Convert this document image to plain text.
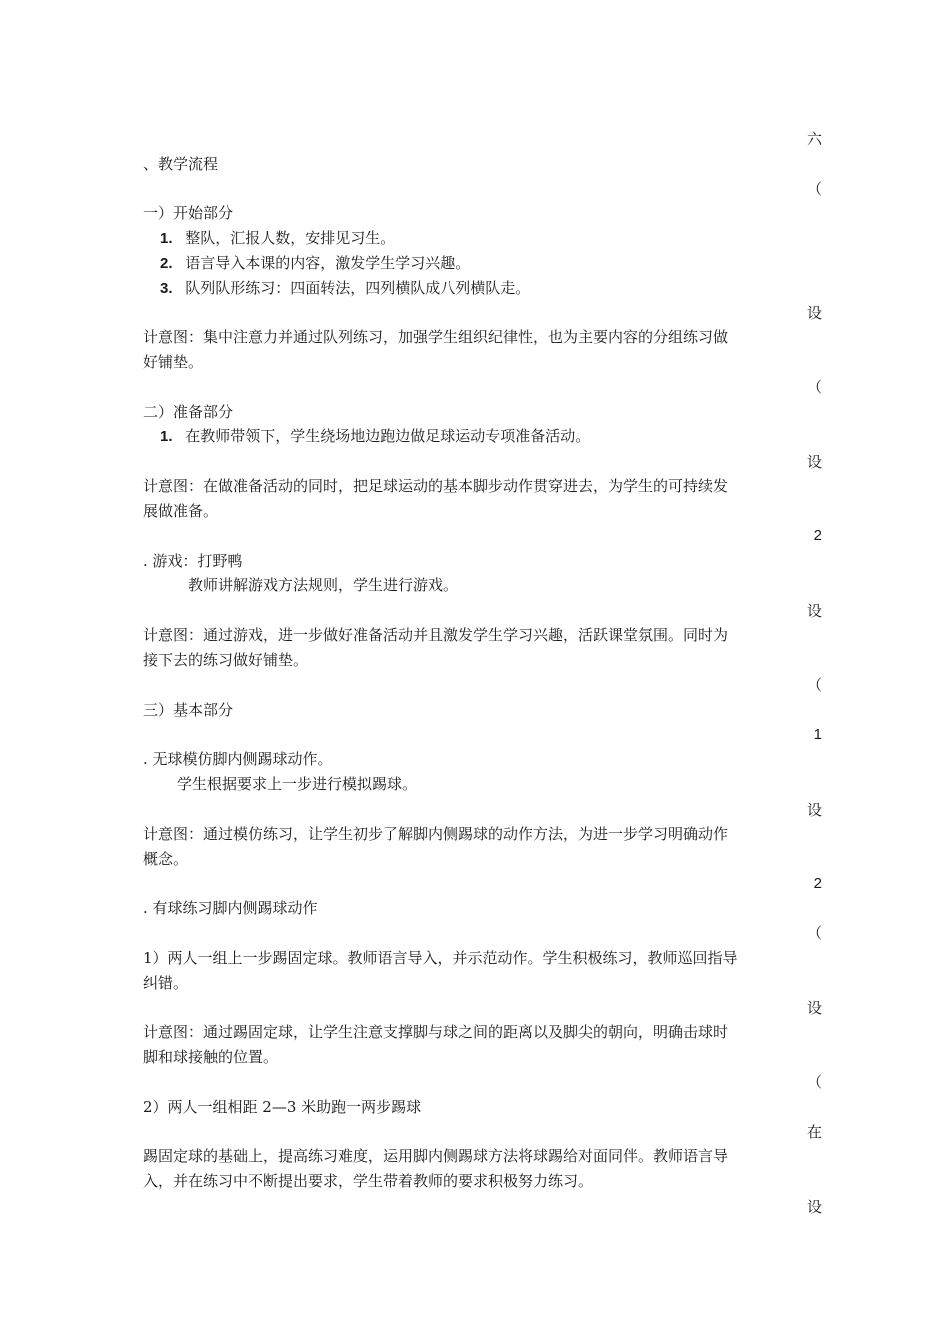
六
、教学流程
（
一）开始部分
1. 整队，汇报人数，安排见习生。
2. 语言导入本课的内容，激发学生学习兴趣。
3. 队列队形练习：四面转法，四列横队成八列横队走。
设
计意图：集中注意力并通过队列练习，加强学生组织纪律性，也为主要内容的分组练习做
好铺垫。
（
二）准备部分
1. 在教师带领下，学生绕场地边跑边做足球运动专项准备活动。
设
计意图：在做准备活动的同时，把足球运动的基本脚步动作贯穿进去，为学生的可持续发
展做准备。
2
. 游戏：打野鸭
教师讲解游戏方法规则，学生进行游戏。
设
计意图：通过游戏，进一步做好准备活动并且激发学生学习兴趣，活跃课堂氛围。同时为
接下去的练习做好铺垫。
（
三）基本部分
1
. 无球模仿脚内侧踢球动作。
学生根据要求上一步进行模拟踢球。
设
计意图：通过模仿练习，让学生初步了解脚内侧踢球的动作方法，为进一步学习明确动作
概念。
2
. 有球练习脚内侧踢球动作
（
1）两人一组上一步踢固定球。教师语言导入，并示范动作。学生积极练习，教师巡回指导
纠错。
设
计意图：通过踢固定球，让学生注意支撑脚与球之间的距离以及脚尖的朝向，明确击球时
脚和球接触的位置。
（
2）两人一组相距 2—3 米助跑一两步踢球
在
踢固定球的基础上，提高练习难度，运用脚内侧踢球方法将球踢给对面同伴。教师语言导
入，并在练习中不断提出要求，学生带着教师的要求积极努力练习。
设
